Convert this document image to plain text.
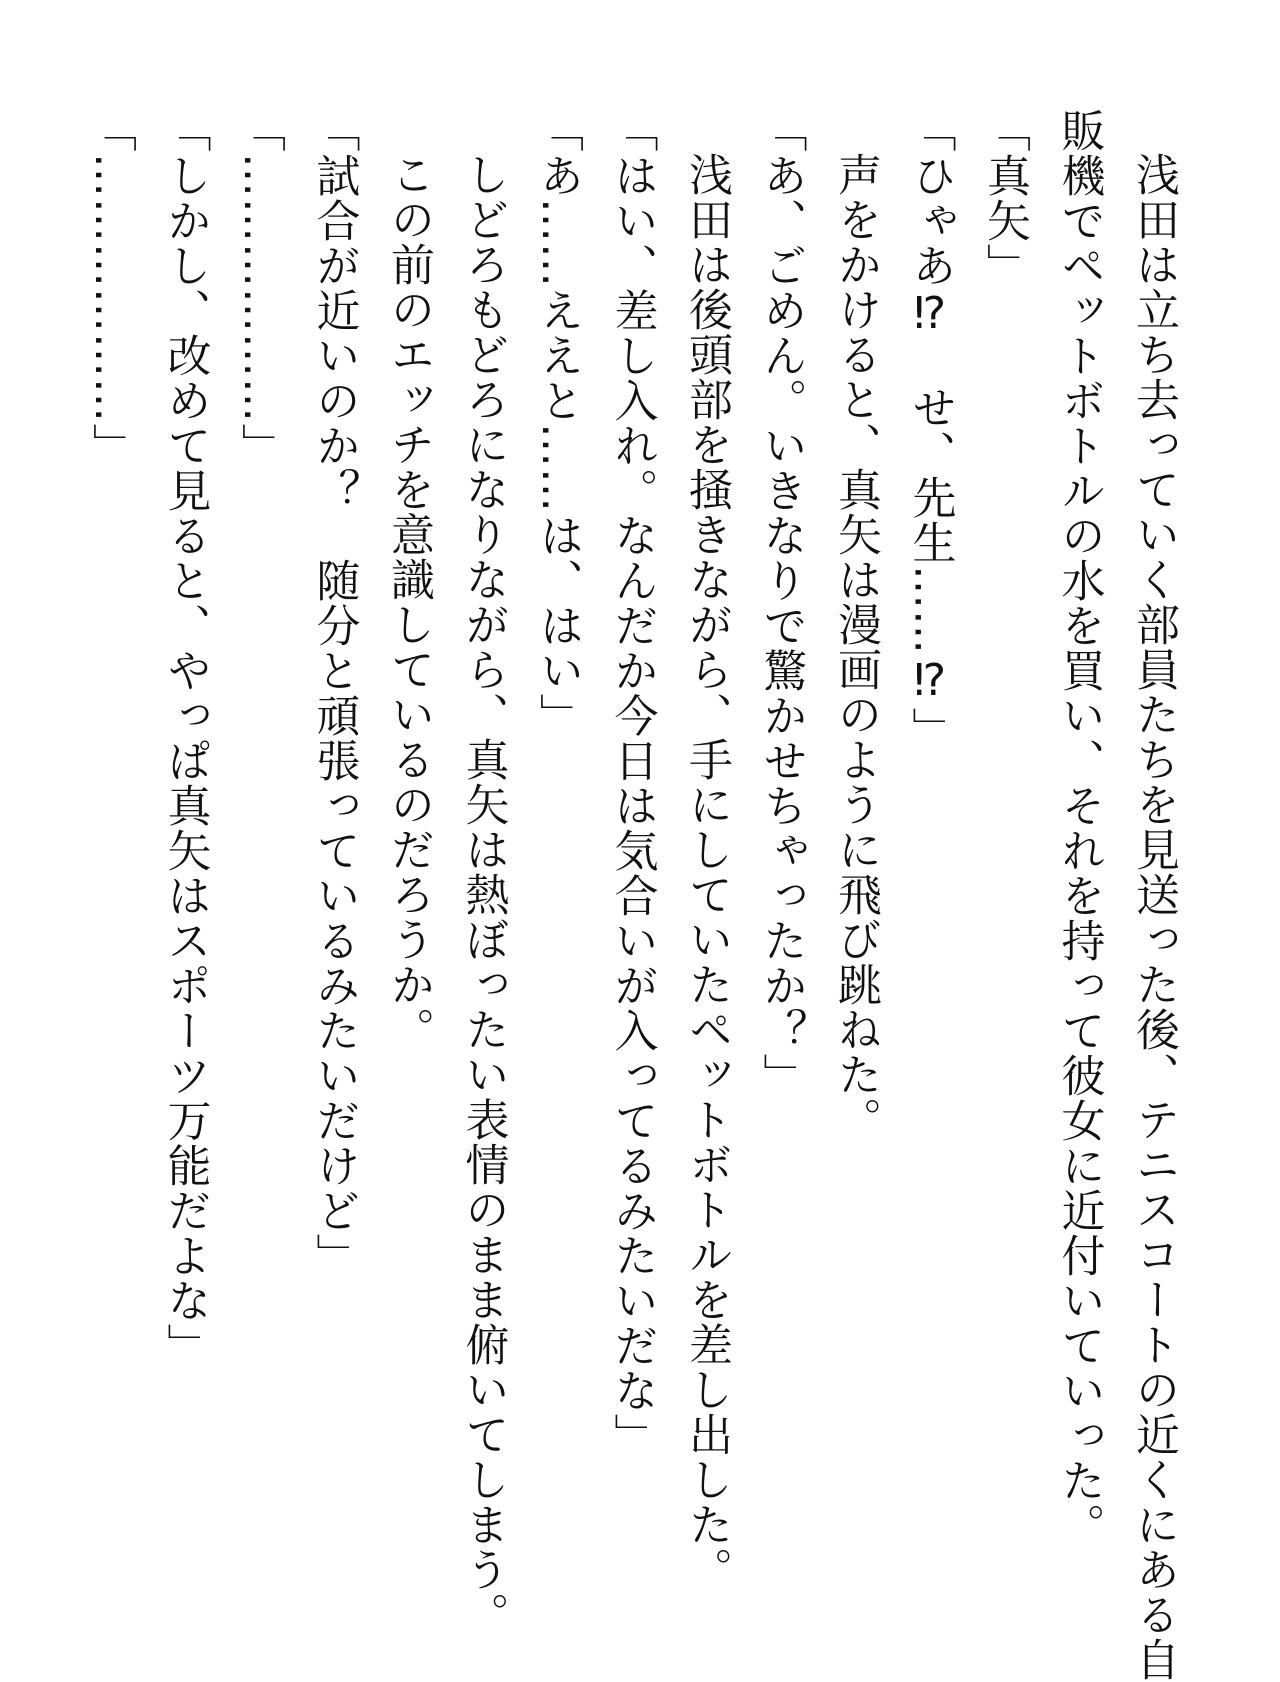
浅田は立ち去っていく部員たちを見送った後、テニスコートの近くにある自
販機でペットボトルの水を買い、それを持って彼女に近付いていった。
「真矢」
「ひゃあ⁉　せ、先生……⁉」
声をかけると、真矢は漫画のように飛び跳ねた。
「あ、ごめん。いきなりで驚かせちゃったか？」
浅田は後頭部を掻きながら、手にしていたペットボトルを差し出した。
「はい、差し入れ。なんだか今日は気合いが入ってるみたいだな」
「あ……ええと……は、はい」
しどろもどろになりながら、真矢は熱ぼったい表情のまま俯いてしまう。
この前のエッチを意識しているのだろうか。
「試合が近いのか？　随分と頑張っているみたいだけど」
「………………」
「しかし、改めて見ると、やっぱ真矢はスポーツ万能だよな」
「………………」
